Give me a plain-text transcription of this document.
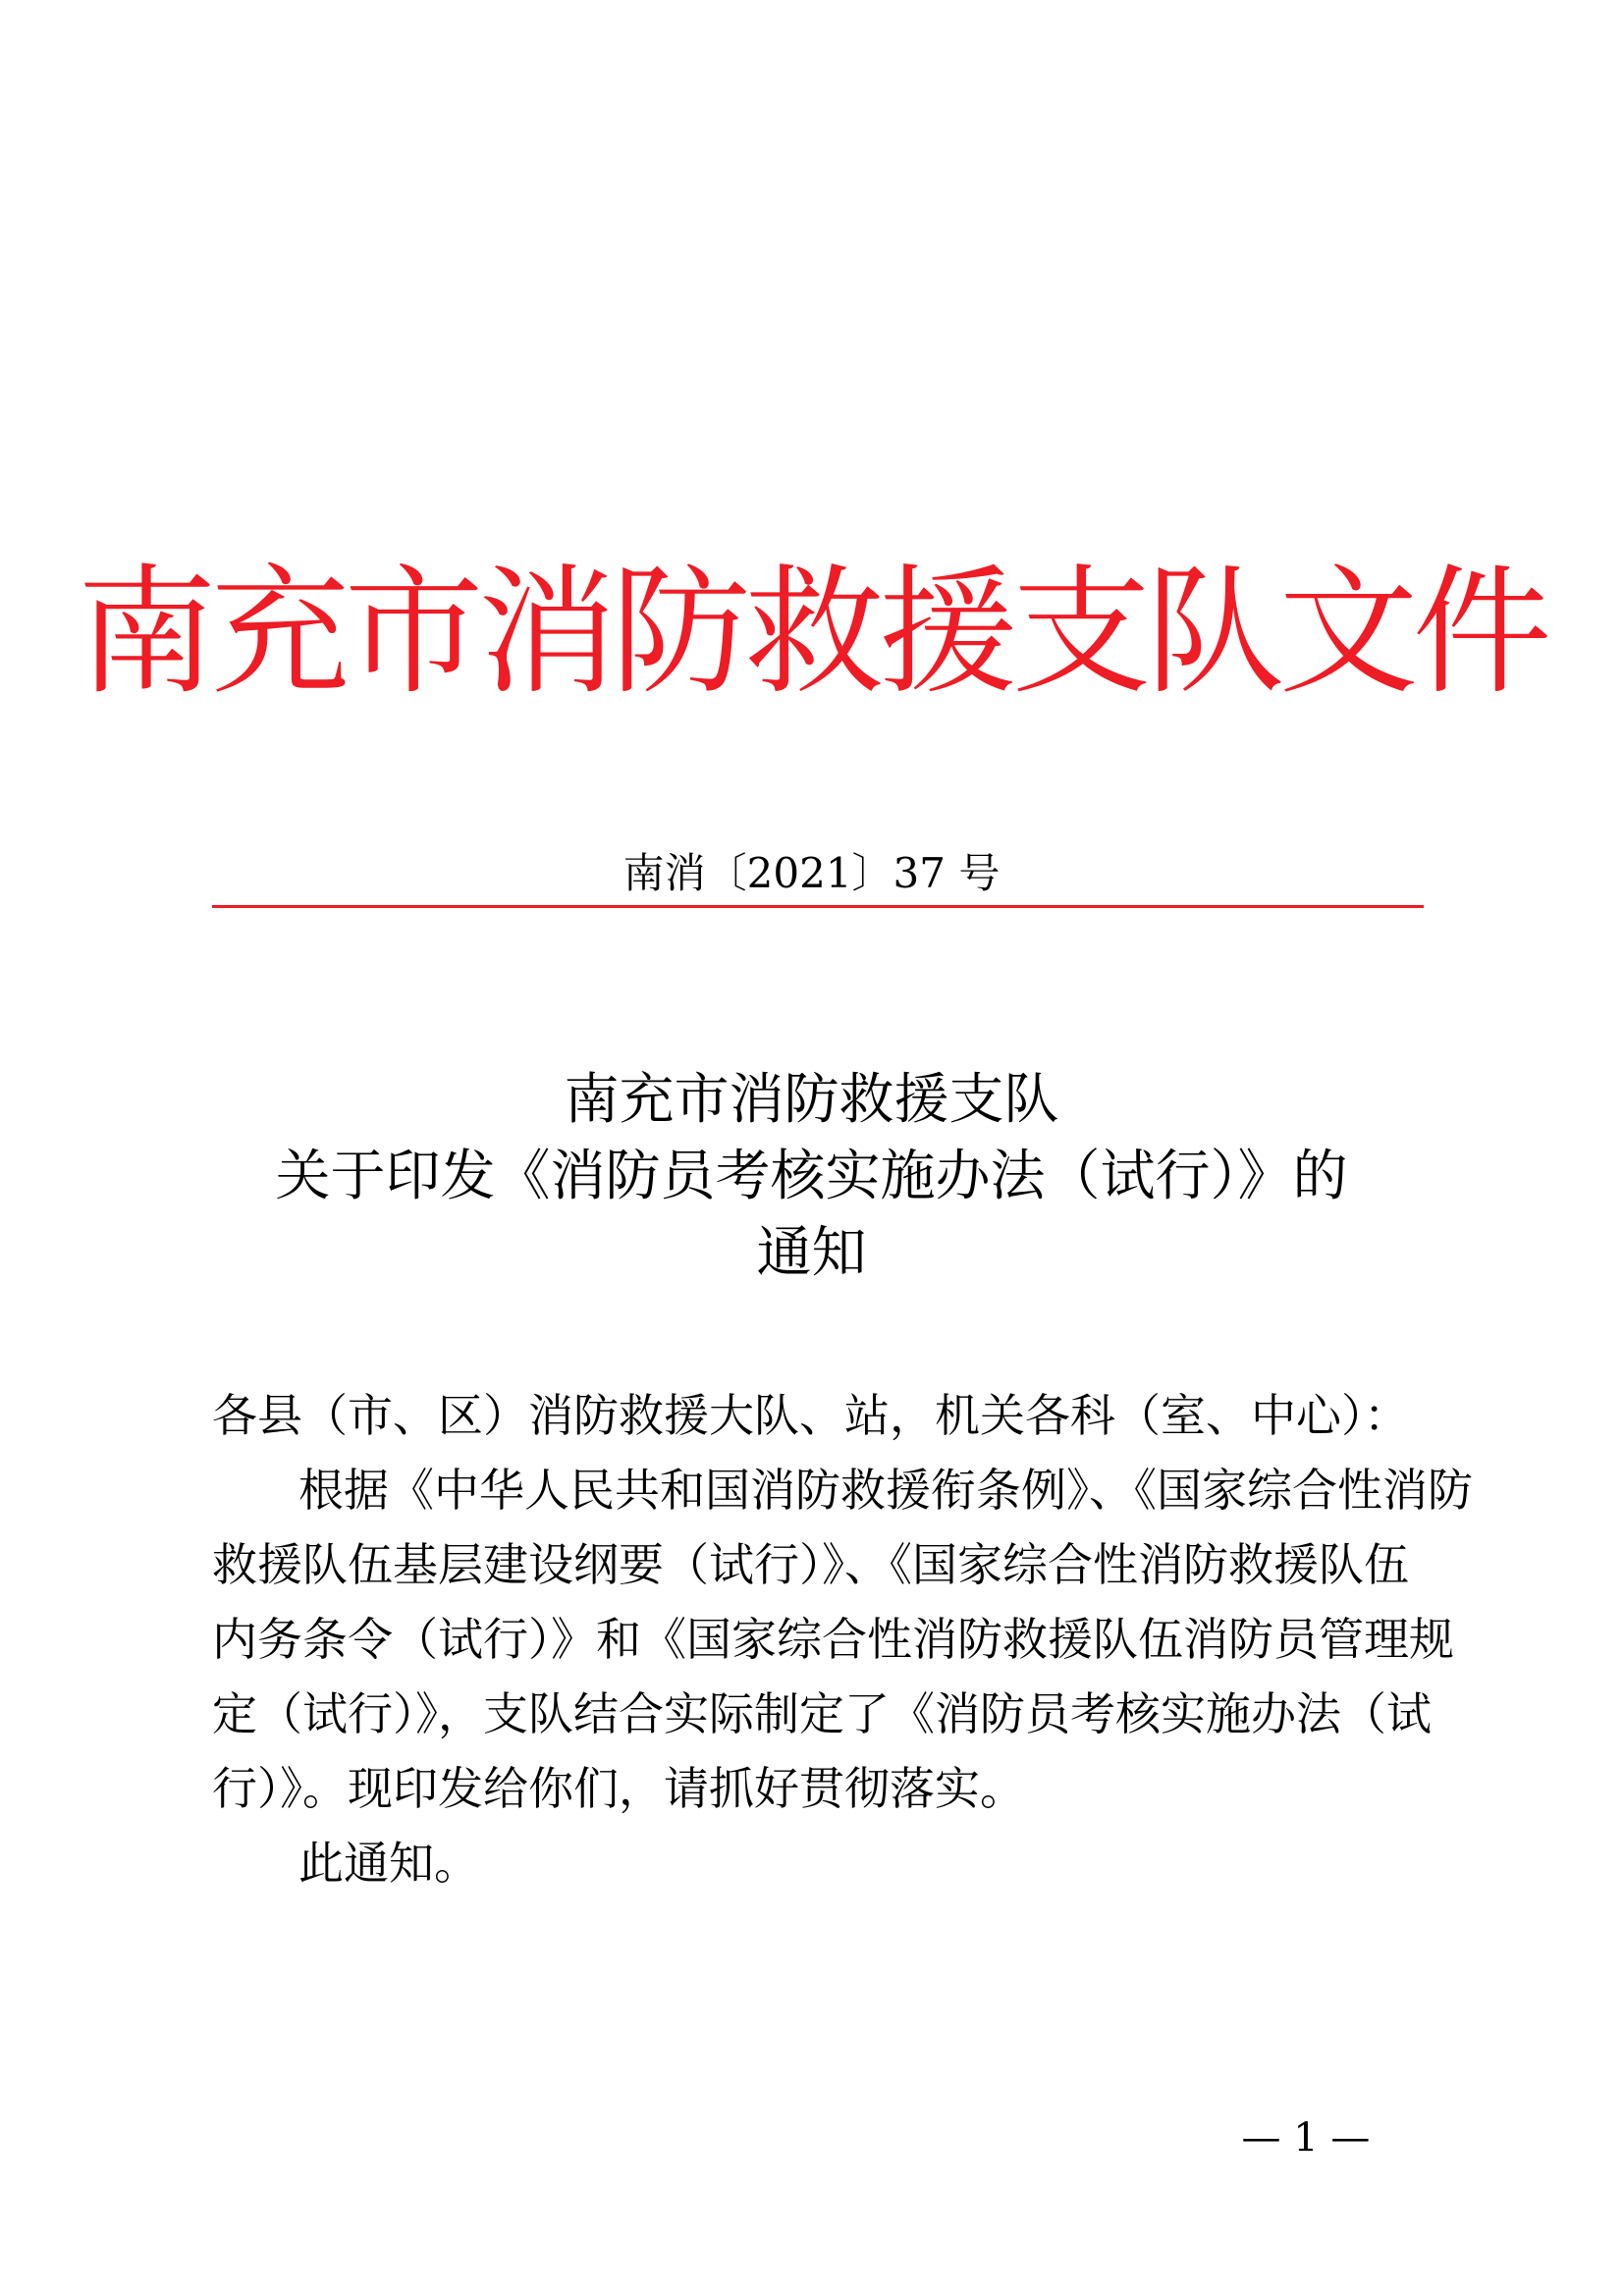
南充市消防救援支队文件
南消〔2021〕37 号
南充市消防救援支队
关于印发《消防员考核实施办法（试行）》的
通知
各县（市、区）消防救援大队、站，机关各科（室、中心）：
根据《中华人民共和国消防救援衔条例》、《国家综合性消防
救援队伍基层建设纲要（试行）》、《国家综合性消防救援队伍
内务条令（试行）》和《国家综合性消防救援队伍消防员管理规
定（试行）》，支队结合实际制定了《消防员考核实施办法（试
行）》。现印发给你们，请抓好贯彻落实。
此通知。
— 1 —
